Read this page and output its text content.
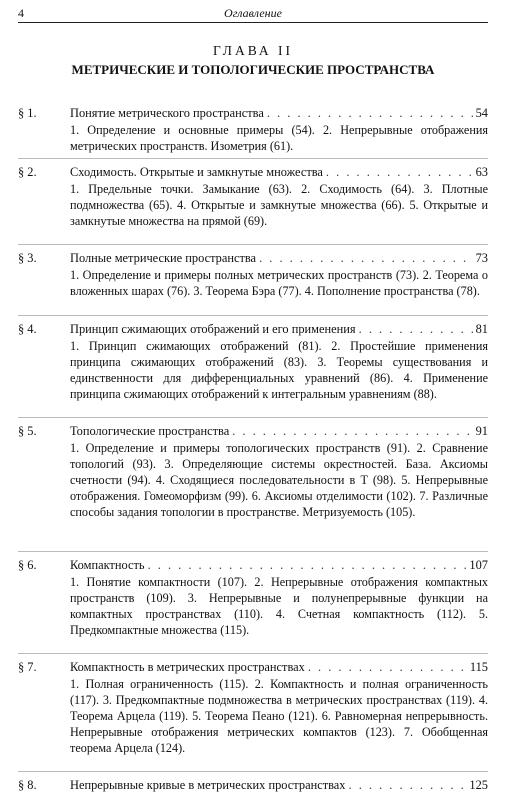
4	Оглавление
ГЛАВА II
МЕТРИЧЕСКИЕ И ТОПОЛОГИЧЕСКИЕ ПРОСТРАНСТВА
§ 1.	Понятие метрического пространства . . .	54
1. Определение и основные примеры (54). 2. Непрерывные отображения метрических пространств. Изометрия (61).
§ 2.	Сходимость. Открытые и замкнутые множества . . .	63
1. Предельные точки. Замыкание (63). 2. Сходимость (64). 3. Плотные подмножества (65). 4. Открытые и замкнутые множества (66). 5. Открытые и замкнутые множества на прямой (69).
§ 3.	Полные метрические пространства . . .	73
1. Определение и примеры полных метрических пространств (73). 2. Теорема о вложенных шарах (76). 3. Теорема Бэра (77). 4. Пополнение пространства (78).
§ 4.	Принцип сжимающих отображений и его применения . . .	81
1. Принцип сжимающих отображений (81). 2. Простейшие применения принципа сжимающих отображений (83). 3. Теоремы существования и единственности для дифференциальных уравнений (86). 4. Применение принципа сжимающих отображений к интегральным уравнениям (88).
§ 5.	Топологические пространства . . .	91
1. Определение и примеры топологических пространств (91). 2. Сравнение топологий (93). 3. Определяющие системы окрестностей. База. Аксиомы счетности (94). 4. Сходящиеся последовательности в T (98). 5. Непрерывные отображения. Гомеоморфизм (99). 6. Аксиомы отделимости (102). 7. Различные способы задания топологии в пространстве. Метризуемость (105).
§ 6.	Компактность . . .	107
1. Понятие компактности (107). 2. Непрерывные отображения компактных пространств (109). 3. Непрерывные и полунепрерывные функции на компактных пространствах (110). 4. Счетная компактность (112). 5. Предкомпактные множества (115).
§ 7.	Компактность в метрических пространствах . . .	115
1. Полная ограниченность (115). 2. Компактность и полная ограниченность (117). 3. Предкомпактные подмножества в метрических пространствах (119). 4. Теорема Арцела (119). 5. Теорема Пеано (121). 6. Равномерная непрерывность. Непрерывные отображения метрических компактов (123). 7. Обобщенная теорема Арцела (124).
§ 8.	Непрерывные кривые в метрических пространствах . . .	125
